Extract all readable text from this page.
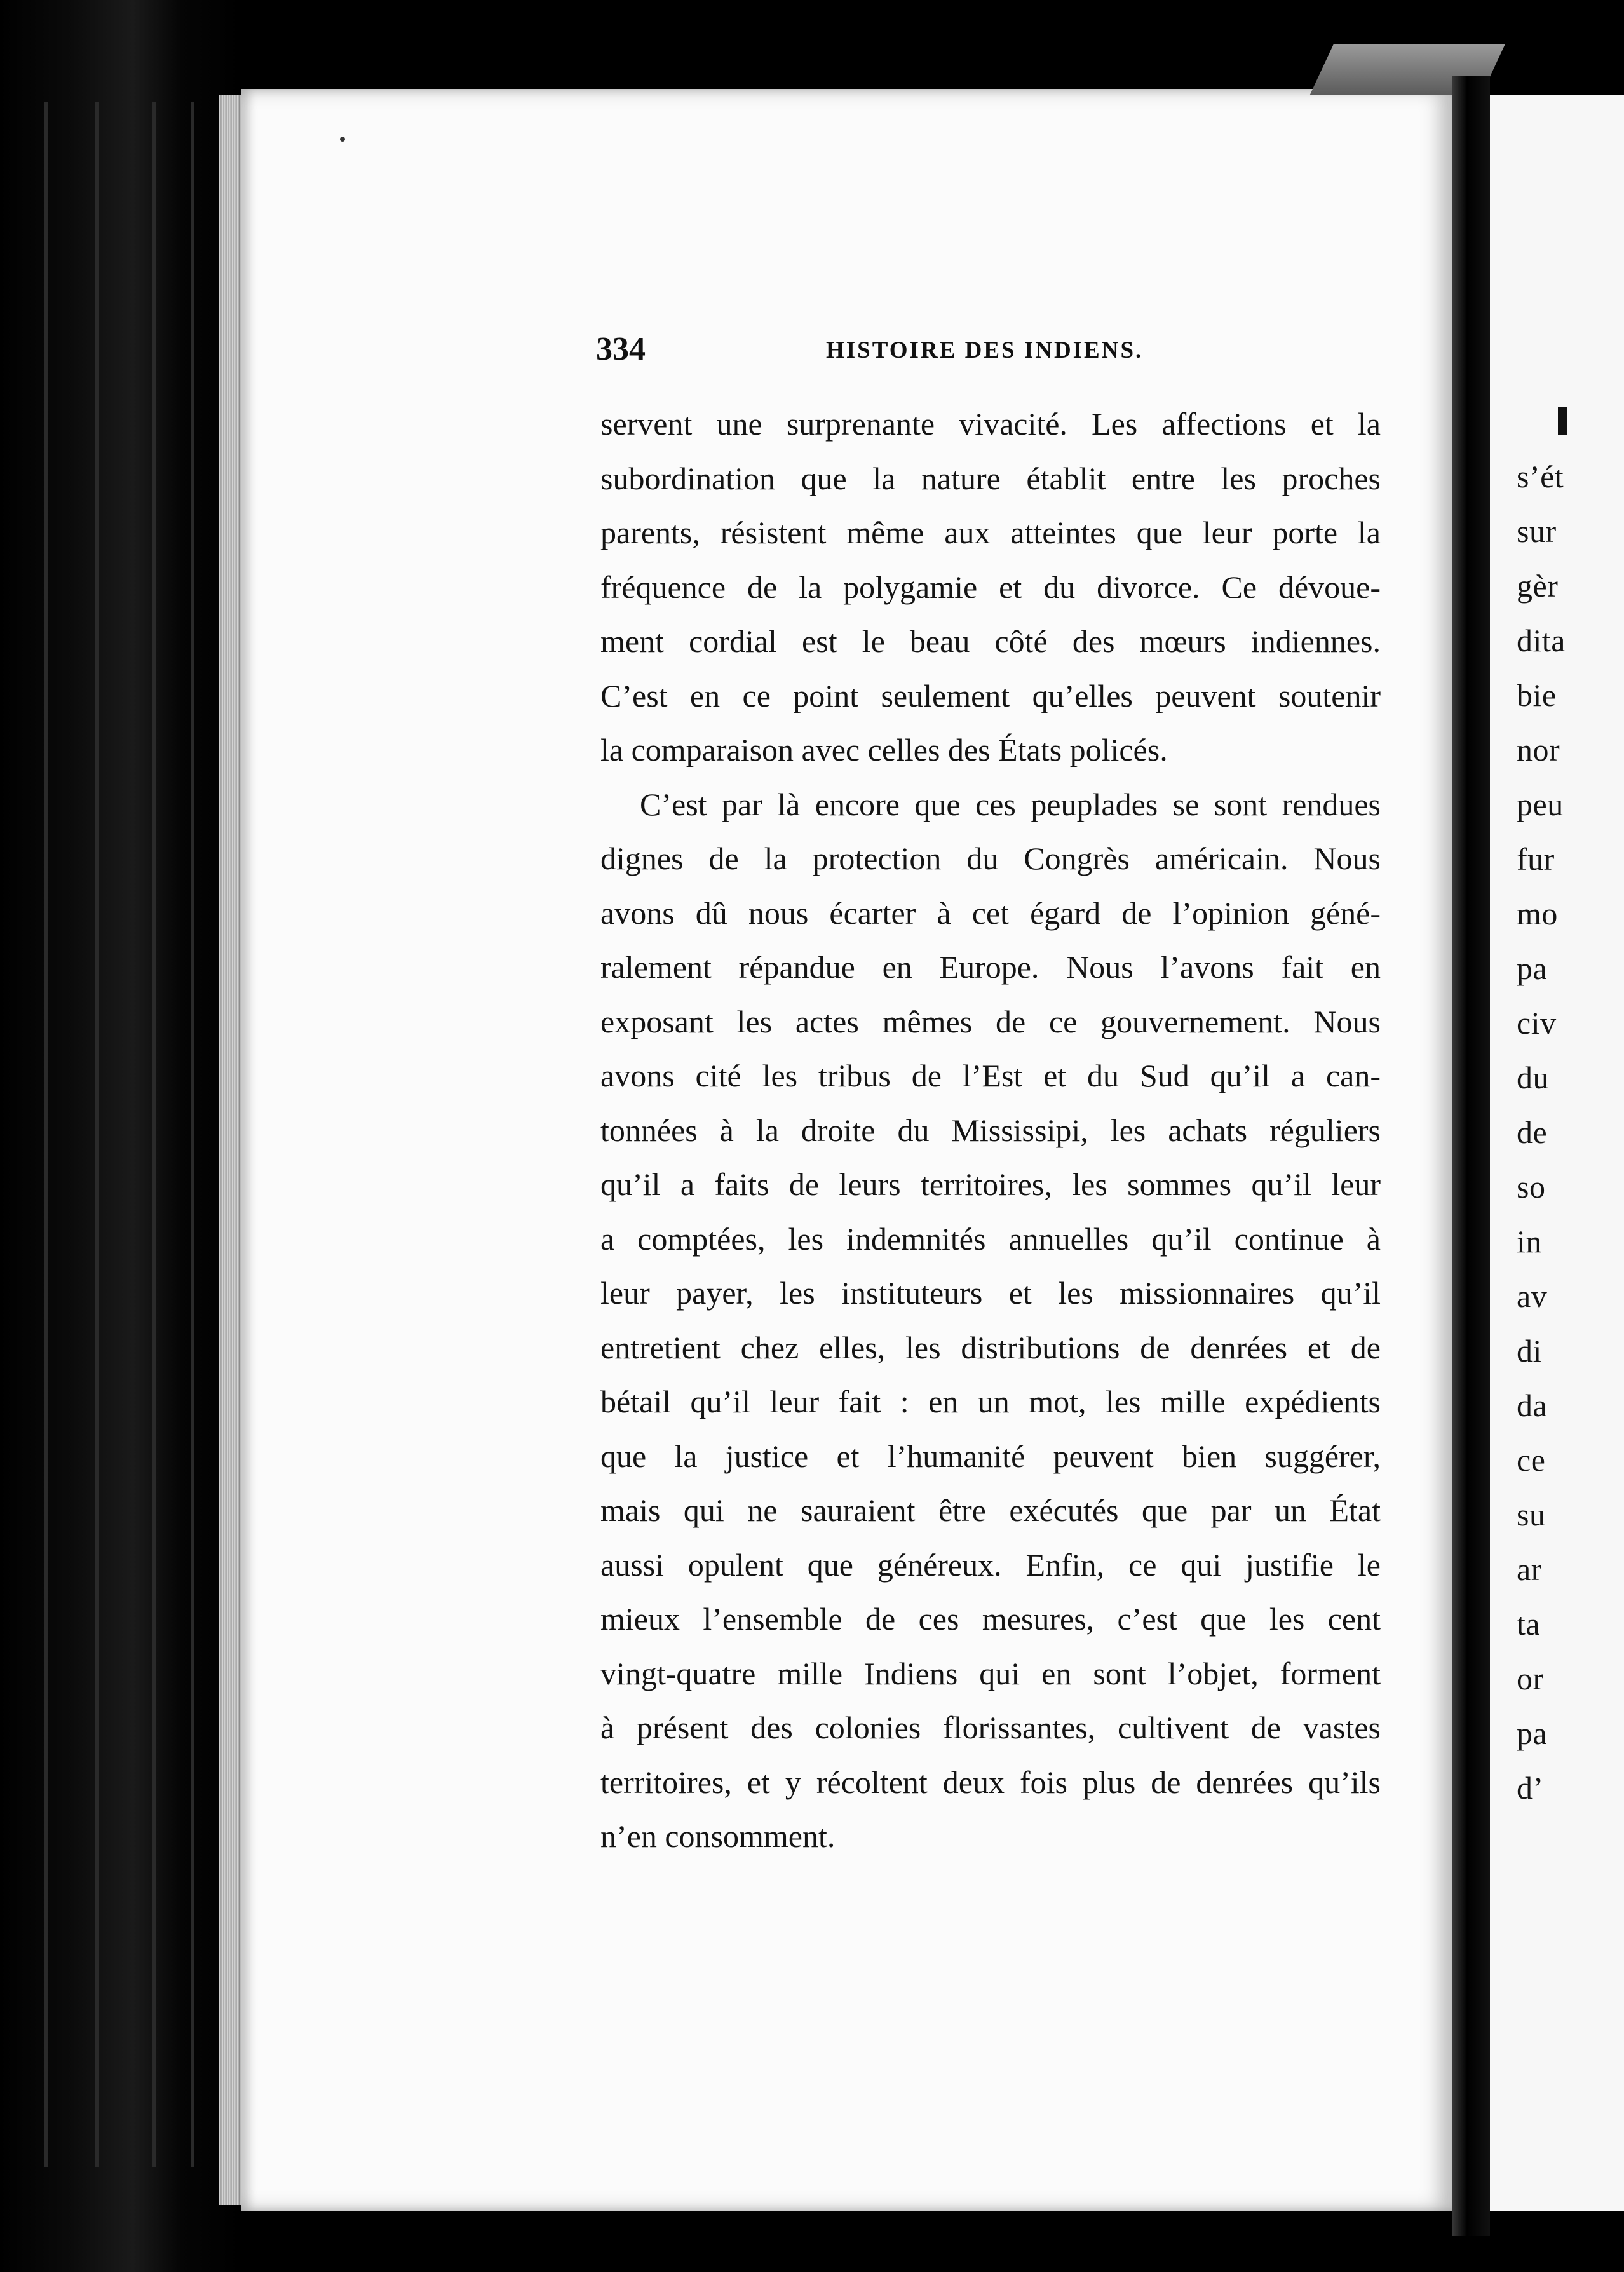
s’ét

sur

gèr

dita

bie

nor

peu

fur

mo

pa

civ

du

de

so

in

av

di

da

ce

su

ar

ta

or

pa

d’

334	HISTOIRE DES INDIENS.

servent une surprenante vivacité. Les affections et la

subordination que la nature établit entre les proches

parents, résistent même aux atteintes que leur porte la

fréquence de la polygamie et du divorce. Ce dévoue-

ment cordial est le beau côté des mœurs indiennes.

C’est en ce point seulement qu’elles peuvent soutenir

la comparaison avec celles des États policés.

C’est par là encore que ces peuplades se sont rendues

dignes de la protection du Congrès américain. Nous

avons dû nous écarter à cet égard de l’opinion géné-

ralement répandue en Europe. Nous l’avons fait en

exposant les actes mêmes de ce gouvernement. Nous

avons cité les tribus de l’Est et du Sud qu’il a can-

tonnées à la droite du Mississipi, les achats réguliers

qu’il a faits de leurs territoires, les sommes qu’il leur

a comptées, les indemnités annuelles qu’il continue à

leur payer, les instituteurs et les missionnaires qu’il

entretient chez elles, les distributions de denrées et de

bétail qu’il leur fait : en un mot, les mille expédients

que la justice et l’humanité peuvent bien suggérer,

mais qui ne sauraient être exécutés que par un État

aussi opulent que généreux. Enfin, ce qui justifie le

mieux l’ensemble de ces mesures, c’est que les cent

vingt-quatre mille Indiens qui en sont l’objet, forment

à présent des colonies florissantes, cultivent de vastes

territoires, et y récoltent deux fois plus de denrées qu’ils

n’en consomment.
